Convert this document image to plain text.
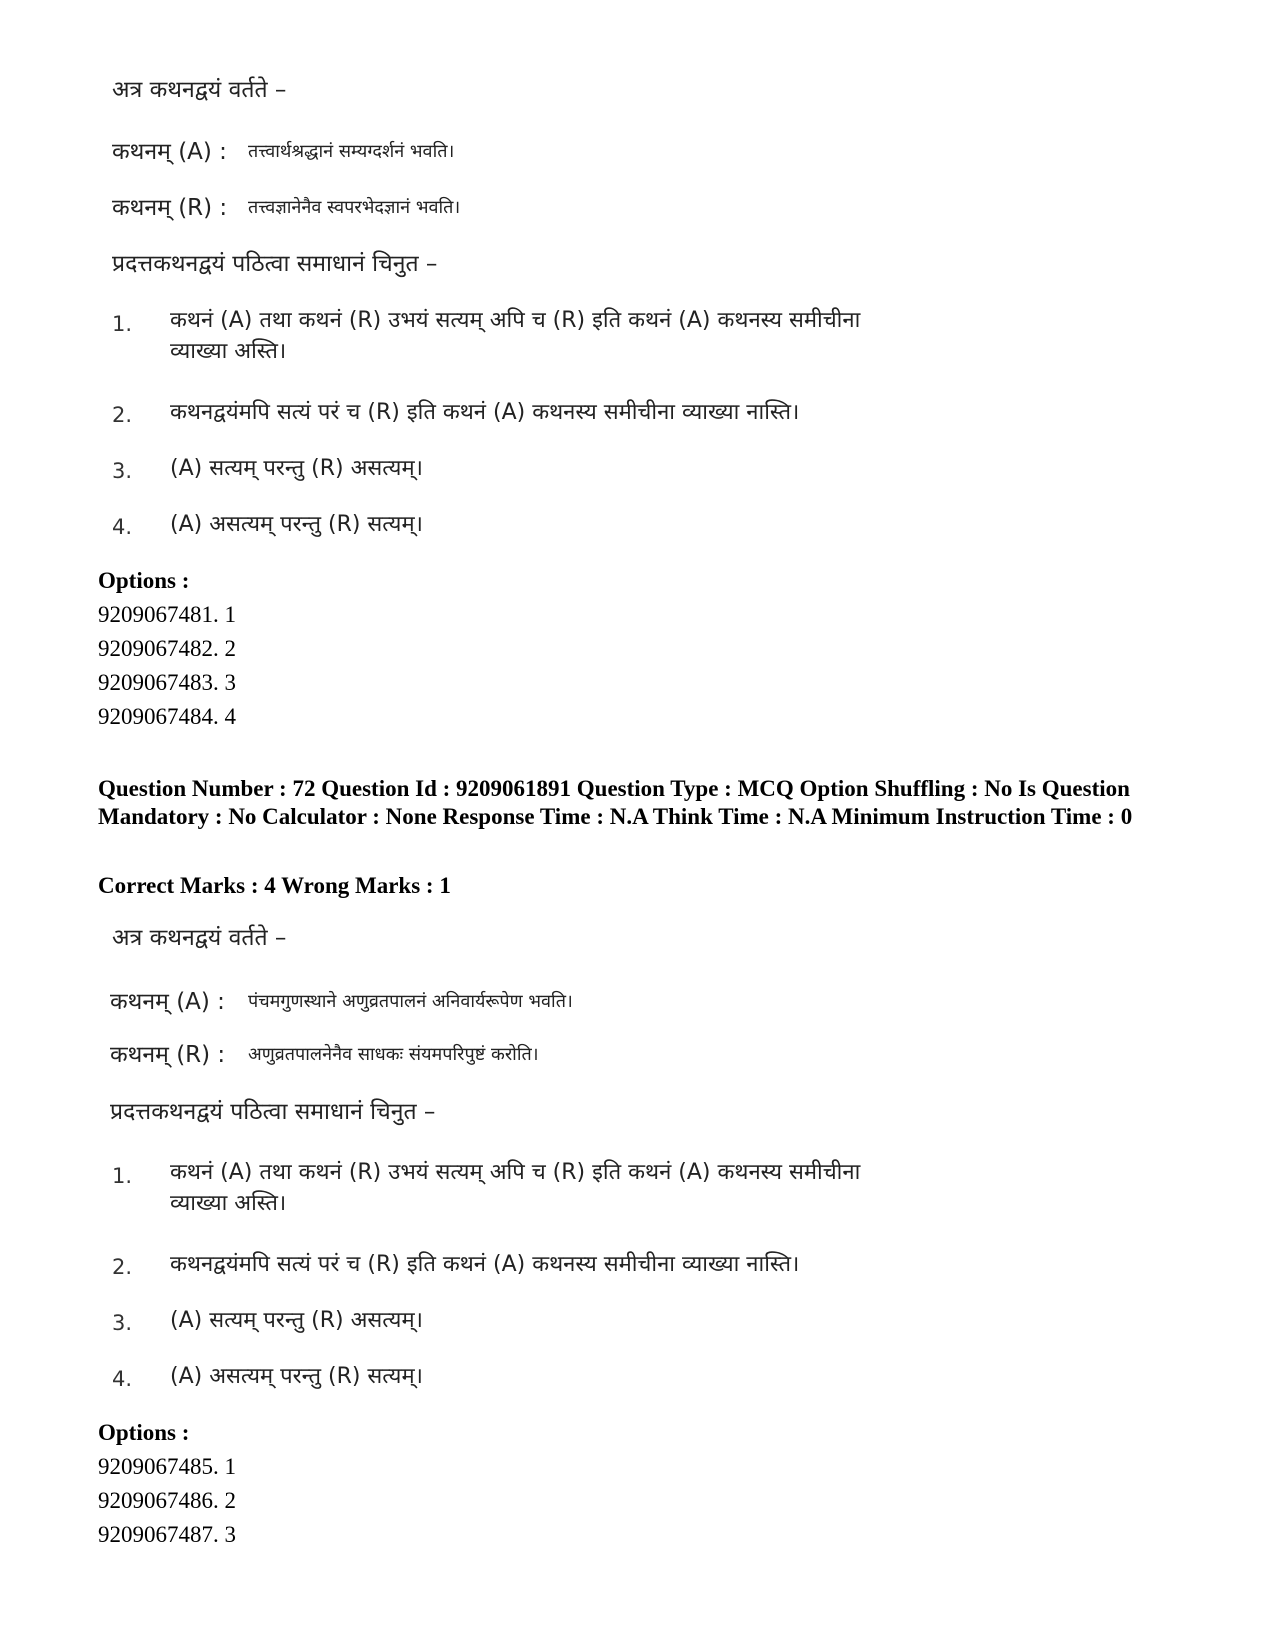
अत्र कथनद्वयं वर्तते –
कथनम् (A) : तत्त्वार्थश्रद्धानं सम्यग्दर्शनं भवति।
कथनम् (R) : तत्त्वज्ञानेनैव स्वपरभेदज्ञानं भवति।
प्रदत्तकथनद्वयं पठित्वा समाधानं चिनुत –
1. कथनं (A) तथा कथनं (R) उभयं सत्यम् अपि च (R) इति कथनं (A) कथनस्य समीचीना
व्याख्या अस्ति।
2. कथनद्वयंमपि सत्यं परं च (R) इति कथनं (A) कथनस्य समीचीना व्याख्या नास्ति।
3. (A) सत्यम् परन्तु (R) असत्यम्।
4. (A) असत्यम् परन्तु (R) सत्यम्।
Options :
9209067481. 1
9209067482. 2
9209067483. 3
9209067484. 4
Question Number : 72 Question Id : 9209061891 Question Type : MCQ Option Shuffling : No Is Question Mandatory : No Calculator : None Response Time : N.A Think Time : N.A Minimum Instruction Time : 0
Correct Marks : 4 Wrong Marks : 1
अत्र कथनद्वयं वर्तते –
कथनम् (A) : पंचमगुणस्थाने अणुव्रतपालनं अनिवार्यरूपेण भवति।
कथनम् (R) : अणुव्रतपालनेनैव साधकः संयमपरिपुष्टं करोति।
प्रदत्तकथनद्वयं पठित्वा समाधानं चिनुत –
1. कथनं (A) तथा कथनं (R) उभयं सत्यम् अपि च (R) इति कथनं (A) कथनस्य समीचीना
व्याख्या अस्ति।
2. कथनद्वयंमपि सत्यं परं च (R) इति कथनं (A) कथनस्य समीचीना व्याख्या नास्ति।
3. (A) सत्यम् परन्तु (R) असत्यम्।
4. (A) असत्यम् परन्तु (R) सत्यम्।
Options :
9209067485. 1
9209067486. 2
9209067487. 3
